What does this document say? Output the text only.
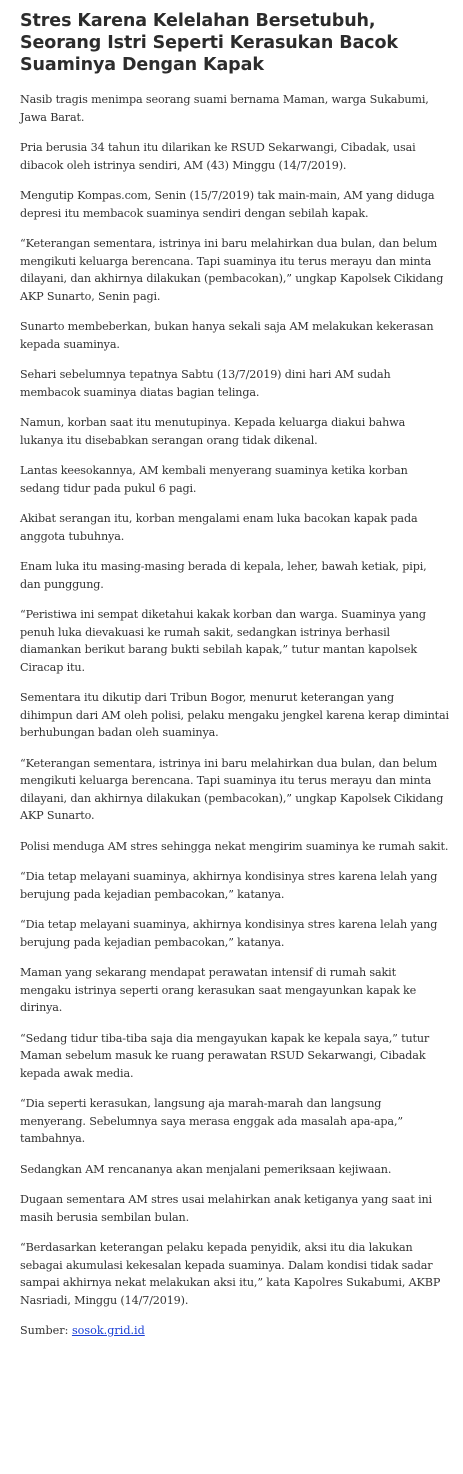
Stres Karena Kelelahan Bersetubuh, Seorang Istri Seperti Kerasukan Bacok Suaminya Dengan Kapak

Nasib tragis menimpa seorang suami bernama Maman, warga Sukabumi, Jawa Barat.

Pria berusia 34 tahun itu dilarikan ke RSUD Sekarwangi, Cibadak, usai dibacok oleh istrinya sendiri, AM (43) Minggu (14/7/2019).

Mengutip Kompas.com, Senin (15/7/2019) tak main-main, AM yang diduga depresi itu membacok suaminya sendiri dengan sebilah kapak.

“Keterangan sementara, istrinya ini baru melahirkan dua bulan, dan belum mengikuti keluarga berencana. Tapi suaminya itu terus merayu dan minta dilayani, dan akhirnya dilakukan (pembacokan),” ungkap Kapolsek Cikidang AKP Sunarto, Senin pagi.

Sunarto membeberkan, bukan hanya sekali saja AM melakukan kekerasan kepada suaminya.

Sehari sebelumnya tepatnya Sabtu (13/7/2019) dini hari AM sudah membacok suaminya diatas bagian telinga.

Namun, korban saat itu menutupinya. Kepada keluarga diakui bahwa lukanya itu disebabkan serangan orang tidak dikenal.

Lantas keesokannya, AM kembali menyerang suaminya ketika korban sedang tidur pada pukul 6 pagi.

Akibat serangan itu, korban mengalami enam luka bacokan kapak pada anggota tubuhnya.

Enam luka itu masing-masing berada di kepala, leher, bawah ketiak, pipi, dan punggung.

“Peristiwa ini sempat diketahui kakak korban dan warga. Suaminya yang penuh luka dievakuasi ke rumah sakit, sedangkan istrinya berhasil diamankan berikut barang bukti sebilah kapak,” tutur mantan kapolsek Ciracap itu.

Sementara itu dikutip dari Tribun Bogor, menurut keterangan yang dihimpun dari AM oleh polisi, pelaku mengaku jengkel karena kerap dimintai berhubungan badan oleh suaminya.

“Keterangan sementara, istrinya ini baru melahirkan dua bulan, dan belum mengikuti keluarga berencana. Tapi suaminya itu terus merayu dan minta dilayani, dan akhirnya dilakukan (pembacokan),” ungkap Kapolsek Cikidang AKP Sunarto.

Polisi menduga AM stres sehingga nekat mengirim suaminya ke rumah sakit.

“Dia tetap melayani suaminya, akhirnya kondisinya stres karena lelah yang berujung pada kejadian pembacokan,” katanya.

“Dia tetap melayani suaminya, akhirnya kondisinya stres karena lelah yang berujung pada kejadian pembacokan,” katanya.

Maman yang sekarang mendapat perawatan intensif di rumah sakit mengaku istrinya seperti orang kerasukan saat mengayunkan kapak ke dirinya.

“Sedang tidur tiba-tiba saja dia mengayukan kapak ke kepala saya,” tutur Maman sebelum masuk ke ruang perawatan RSUD Sekarwangi, Cibadak kepada awak media.

“Dia seperti kerasukan, langsung aja marah-marah dan langsung menyerang. Sebelumnya saya merasa enggak ada masalah apa-apa,” tambahnya.

Sedangkan AM rencananya akan menjalani pemeriksaan kejiwaan.

Dugaan sementara AM stres usai melahirkan anak ketiganya yang saat ini masih berusia sembilan bulan.

“Berdasarkan keterangan pelaku kepada penyidik, aksi itu dia lakukan sebagai akumulasi kekesalan kepada suaminya. Dalam kondisi tidak sadar sampai akhirnya nekat melakukan aksi itu,” kata Kapolres Sukabumi, AKBP Nasriadi, Minggu (14/7/2019).

Sumber: sosok.grid.id
